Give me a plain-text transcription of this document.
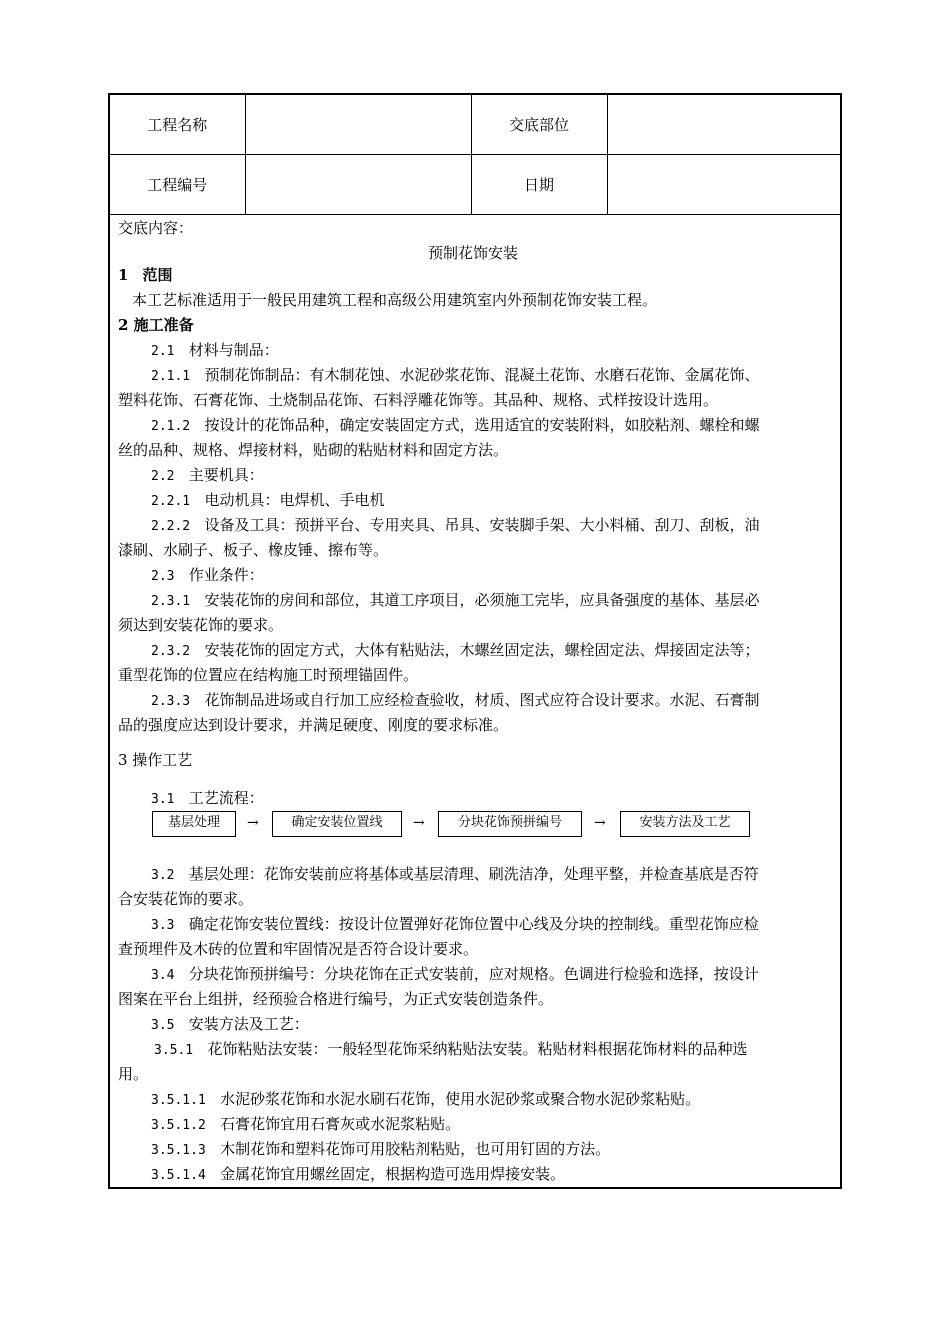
工程名称		交底部位	
工程编号		日期	
交底内容：
预制花饰安装
1 范围
本工艺标准适用于一般民用建筑工程和高级公用建筑室内外预制花饰安装工程。
2 施工准备
2.1 材料与制品：
2.1.1 预制花饰制品：有木制花蚀、水泥砂浆花饰、混凝土花饰、水磨石花饰、金属花饰、
塑料花饰、石膏花饰、土烧制品花饰、石料浮雕花饰等。其品种、规格、式样按设计选用。
2.1.2 按设计的花饰品种，确定安装固定方式，选用适宜的安装附料，如胶粘剂、螺栓和螺
丝的品种、规格、焊接材料，贴砌的粘贴材料和固定方法。
2.2 主要机具：
2.2.1 电动机具：电焊机、手电机
2.2.2 设备及工具：预拼平台、专用夹具、吊具、安装脚手架、大小料桶、刮刀、刮板，油
漆刷、水刷子、板子、橡皮锤、擦布等。
2.3 作业条件：
2.3.1 安装花饰的房间和部位，其道工序项目，必须施工完毕，应具备强度的基体、基层必
须达到安装花饰的要求。
2.3.2 安装花饰的固定方式，大体有粘贴法，木螺丝固定法，螺栓固定法、焊接固定法等；
重型花饰的位置应在结构施工时预埋锚固件。
2.3.3 花饰制品进场或自行加工应经检查验收，材质、图式应符合设计要求。水泥、石膏制
品的强度应达到设计要求，并满足硬度、刚度的要求标准。
3 操作工艺
3.1 工艺流程：
基层处理	→	确定安装位置线	→	分块花饰预拼编号	→	安装方法及工艺
3.2 基层处理：花饰安装前应将基体或基层清理、刷洗洁净，处理平整，并检查基底是否符
合安装花饰的要求。
3.3 确定花饰安装位置线：按设计位置弹好花饰位置中心线及分块的控制线。重型花饰应检
查预埋件及木砖的位置和牢固情况是否符合设计要求。
3.4 分块花饰预拼编号：分块花饰在正式安装前，应对规格。色调进行检验和选择，按设计
图案在平台上组拼，经预验合格进行编号，为正式安装创造条件。
3.5 安装方法及工艺：
3.5.1 花饰粘贴法安装：一般轻型花饰采纳粘贴法安装。粘贴材料根据花饰材料的品种选
用。
3.5.1.1 水泥砂浆花饰和水泥水刷石花饰，使用水泥砂浆或聚合物水泥砂浆粘贴。
3.5.1.2 石膏花饰宜用石膏灰或水泥浆粘贴。
3.5.1.3 木制花饰和塑料花饰可用胶粘剂粘贴，也可用钉固的方法。
3.5.1.4 金属花饰宜用螺丝固定，根据构造可选用焊接安装。
